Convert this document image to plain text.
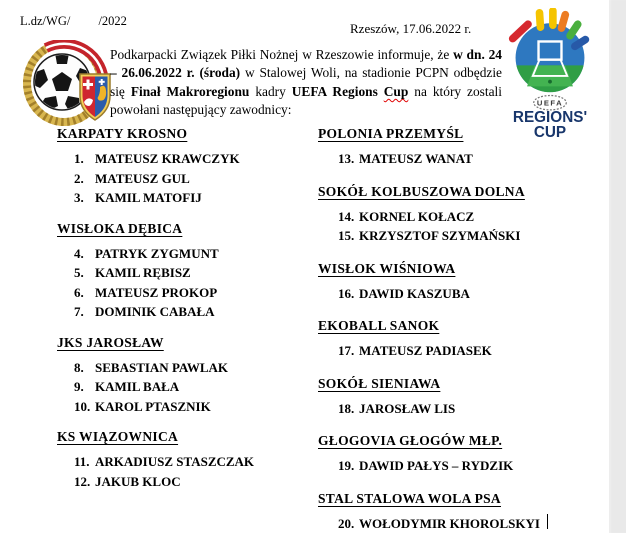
L.dz/WG/         /2022	Rzeszów, 17.06.2022 r.
UEFA
REGIONS'
CUP

Podkarpacki Związek Piłki Nożnej w Rzeszowie informuje, że w dn. 24 – 26.06.2022 r. (środa) w Stalowej Woli, na stadionie PCPN odbędzie się Finał Makroregionu kadry UEFA Regions Cup na który zostali powołani następujący zawodnicy:

KARPATY KROSNO
1. MATEUSZ KRAWCZYK
2. MATEUSZ GUL
3. KAMIL MATOFIJ
WISŁOKA DĘBICA
4. PATRYK ZYGMUNT
5. KAMIL RĘBISZ
6. MATEUSZ PROKOP
7. DOMINIK CABAŁA
JKS JAROSŁAW
8. SEBASTIAN PAWLAK
9. KAMIL BAŁA
10. KAROL PTASZNIK
KS WIĄZOWNICA
11. ARKADIUSZ STASZCZAK
12. JAKUB KLOC
POLONIA PRZEMYŚL
13. MATEUSZ WANAT
SOKÓŁ KOLBUSZOWA DOLNA
14. KORNEL KOŁACZ
15. KRZYSZTOF SZYMAŃSKI
WISŁOK WIŚNIOWA
16. DAWID KASZUBA
EKOBALL SANOK
17. MATEUSZ PADIASEK
SOKÓŁ SIENIAWA
18. JAROSŁAW LIS
GŁOGOVIA GŁOGÓW MŁP.
19. DAWID PAŁYS – RYDZIK
STAL STALOWA WOLA PSA
20. WOŁODYMIR KHOROLSKYI
